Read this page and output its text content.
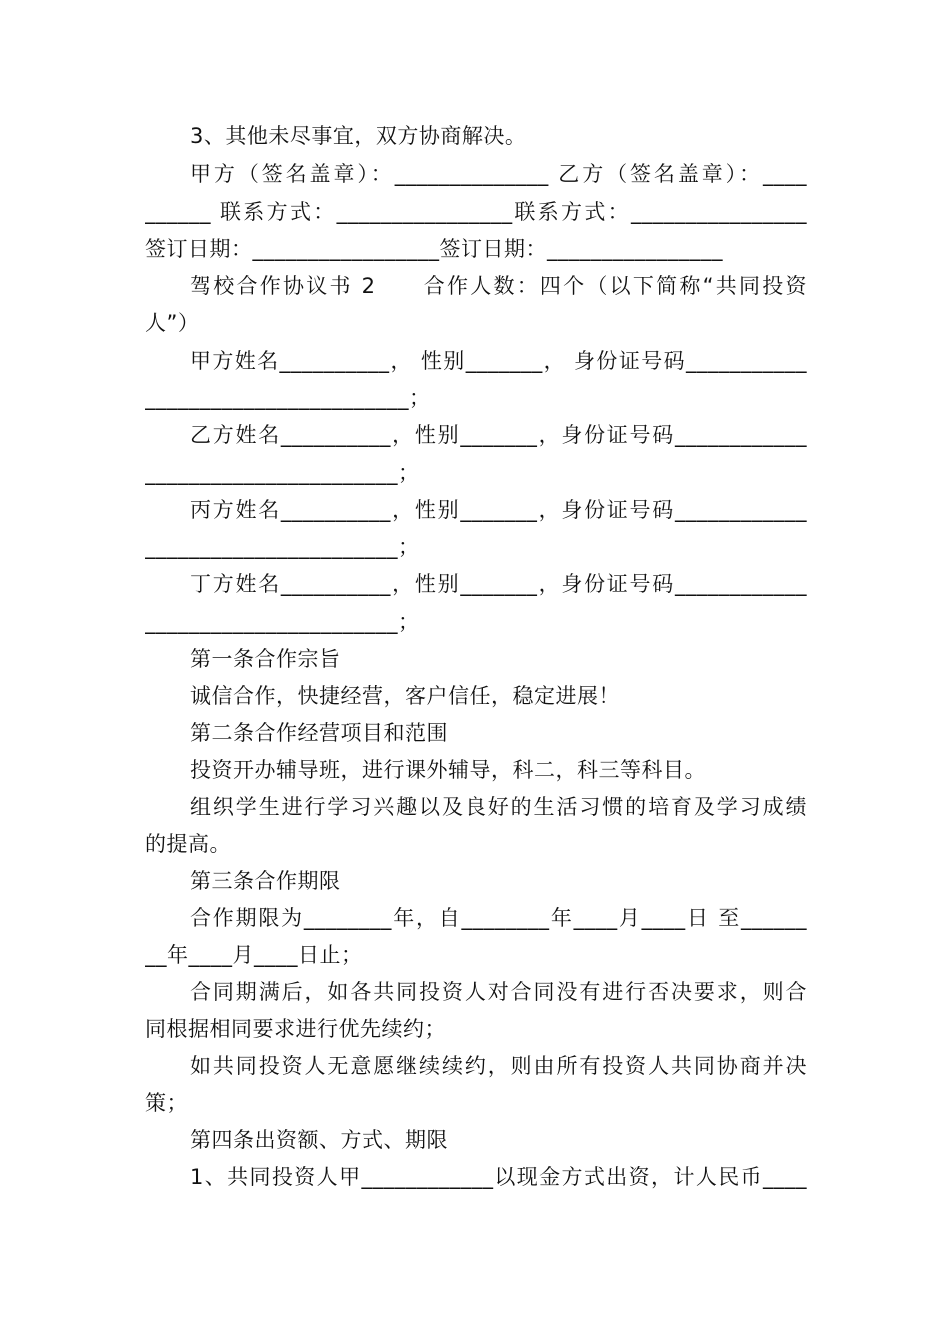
3、其他未尽事宜，双方协商解决。
甲方（签名盖章）：______________ 乙方（签名盖章）：____
______ 联系方式：________________联系方式：________________
签订日期：_________________签订日期：________________
驾校合作协议书 2　　合作人数：四个（以下简称“共同投资
人”）
甲方姓名__________， 性别_______， 身份证号码___________
________________________；
乙方姓名__________，性别_______，身份证号码____________
_______________________；
丙方姓名__________，性别_______，身份证号码____________
_______________________；
丁方姓名__________，性别_______，身份证号码____________
_______________________；
第一条合作宗旨
诚信合作，快捷经营，客户信任，稳定进展！
第二条合作经营项目和范围
投资开办辅导班，进行课外辅导，科二，科三等科目。
组织学生进行学习兴趣以及良好的生活习惯的培育及学习成绩
的提高。
第三条合作期限
合作期限为________年，自________年____月____日 至______
__年____月____日止；
合同期满后，如各共同投资人对合同没有进行否决要求，则合
同根据相同要求进行优先续约；
如共同投资人无意愿继续续约，则由所有投资人共同协商并决
策；
第四条出资额、方式、期限
1、共同投资人甲____________以现金方式出资，计人民币____
